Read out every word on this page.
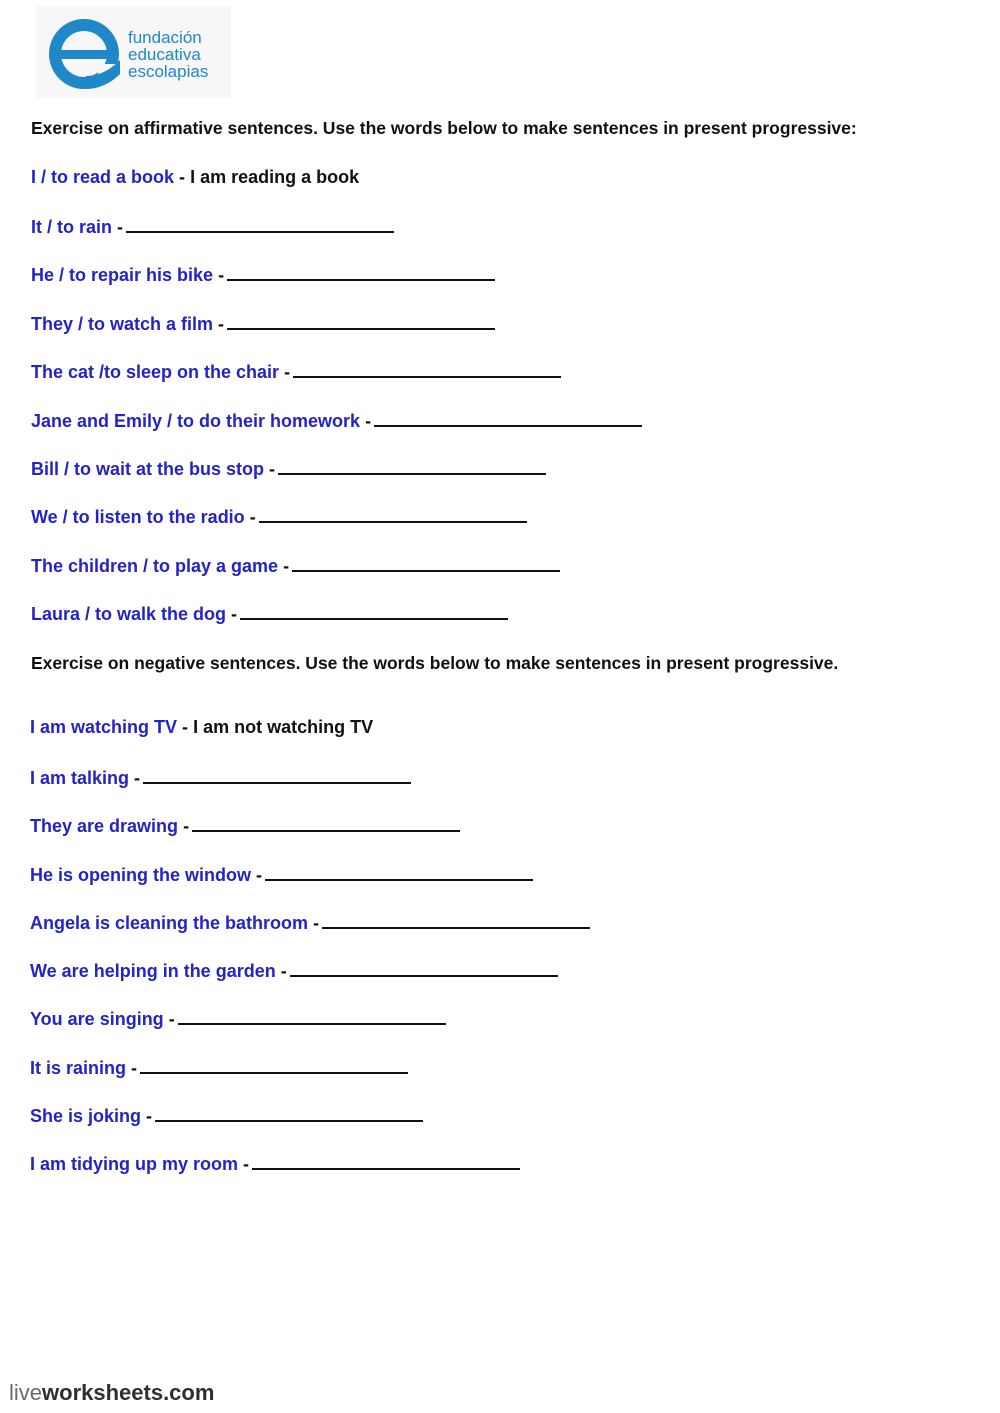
fundación
educativa
escolapias
Exercise on affirmative sentences. Use the words below to make sentences in present progressive:
I / to read a book - I am reading a book
It / to rain -
He / to repair his bike -
They / to watch a film -
The cat /to sleep on the chair -
Jane and Emily / to do their homework -
Bill / to wait at the bus stop -
We / to listen to the radio -
The children / to play a game -
Laura / to walk the dog -
Exercise on negative sentences. Use the words below to make sentences in present progressive.
I am watching TV - I am not watching TV
I am talking -
They are drawing -
He is opening the window -
Angela is cleaning the bathroom -
We are helping in the garden -
You are singing -
It is raining -
She is joking -
I am tidying up my room -
liveworksheets.com
